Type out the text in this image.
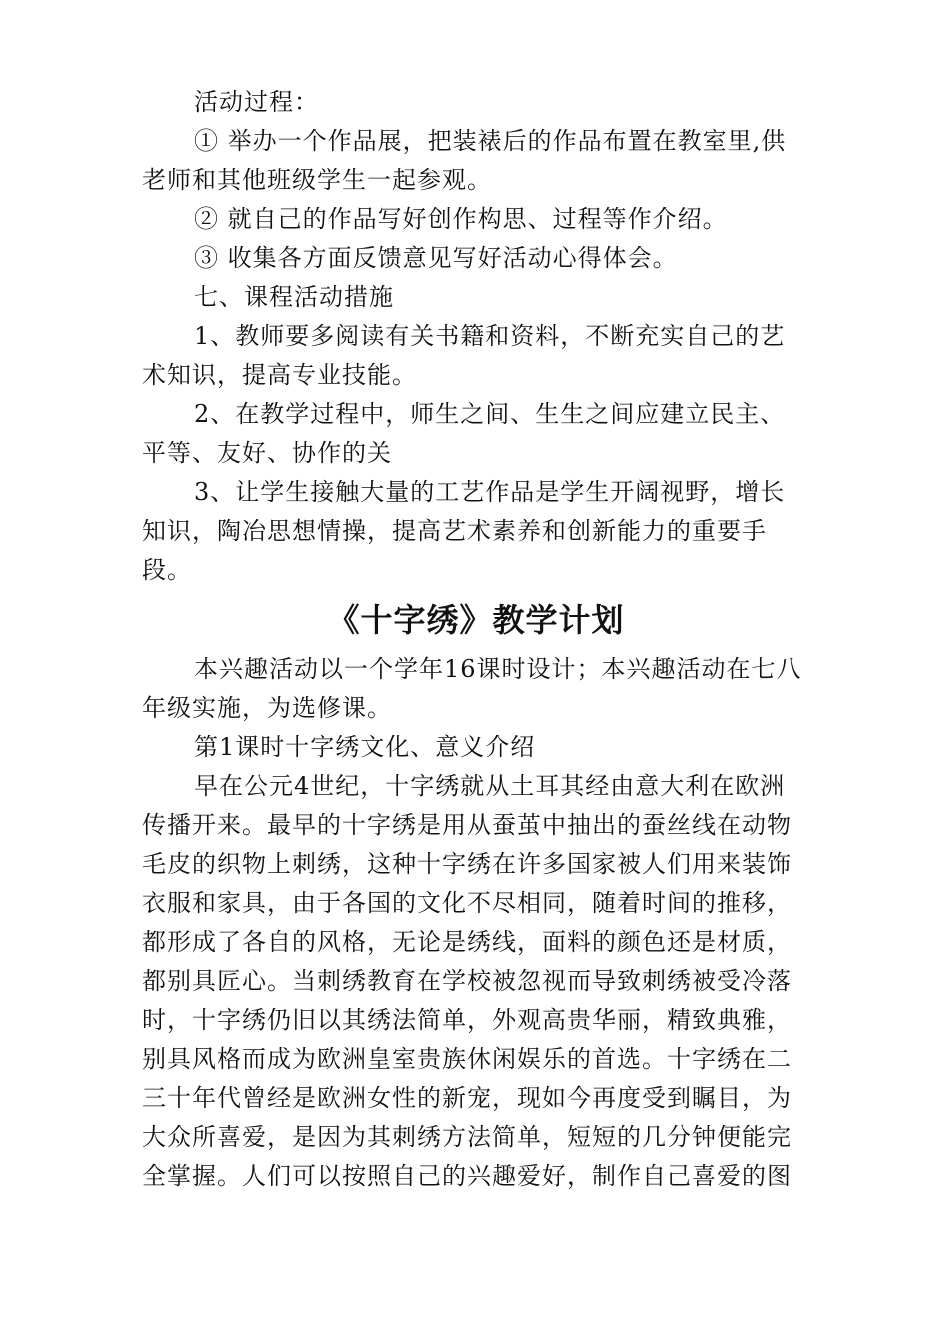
活动过程：

① 举办一个作品展，把装裱后的作品布置在教室里,供老师和其他班级学生一起参观。

② 就自己的作品写好创作构思、过程等作介绍。

③ 收集各方面反馈意见写好活动心得体会。

七、课程活动措施

1、教师要多阅读有关书籍和资料，不断充实自己的艺术知识，提高专业技能。

2、在教学过程中，师生之间、生生之间应建立民主、平等、友好、协作的关

3、让学生接触大量的工艺作品是学生开阔视野，增长知识，陶冶思想情操，提高艺术素养和创新能力的重要手段。

《十字绣》教学计划

本兴趣活动以一个学年16课时设计；本兴趣活动在七八年级实施，为选修课。

第1课时十字绣文化、意义介绍

早在公元4世纪，十字绣就从土耳其经由意大利在欧洲传播开来。最早的十字绣是用从蚕茧中抽出的蚕丝线在动物毛皮的织物上刺绣，这种十字绣在许多国家被人们用来装饰衣服和家具，由于各国的文化不尽相同，随着时间的推移，都形成了各自的风格，无论是绣线，面料的颜色还是材质，都别具匠心。当刺绣教育在学校被忽视而导致刺绣被受冷落时，十字绣仍旧以其绣法简单，外观高贵华丽，精致典雅，别具风格而成为欧洲皇室贵族休闲娱乐的首选。十字绣在二三十年代曾经是欧洲女性的新宠，现如今再度受到瞩目，为大众所喜爱，是因为其刺绣方法简单，短短的几分钟便能完全掌握。人们可以按照自己的兴趣爱好，制作自己喜爱的图
